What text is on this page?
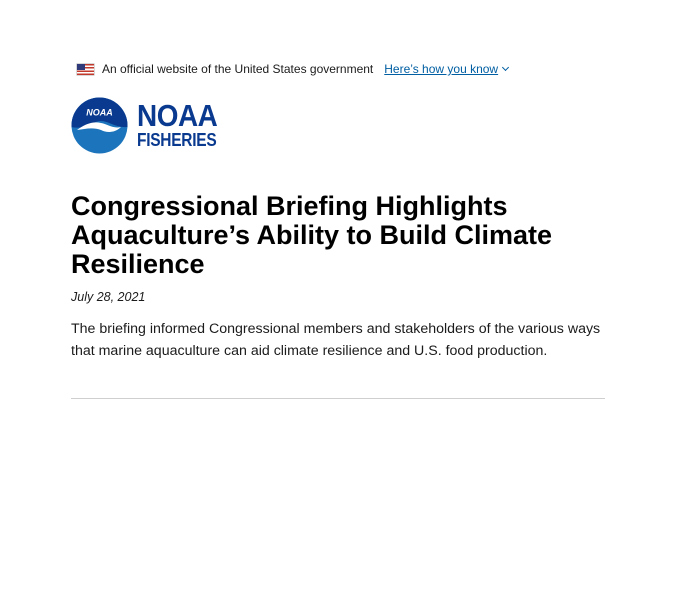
An official website of the United States government Here’s how you know
NOAA NOAA
FISHERIES
Congressional Briefing Highlights Aquaculture’s Ability to Build Climate Resilience
July 28, 2021

The briefing informed Congressional members and stakeholders of the various ways that marine aquaculture can aid climate resilience and U.S. food production.
